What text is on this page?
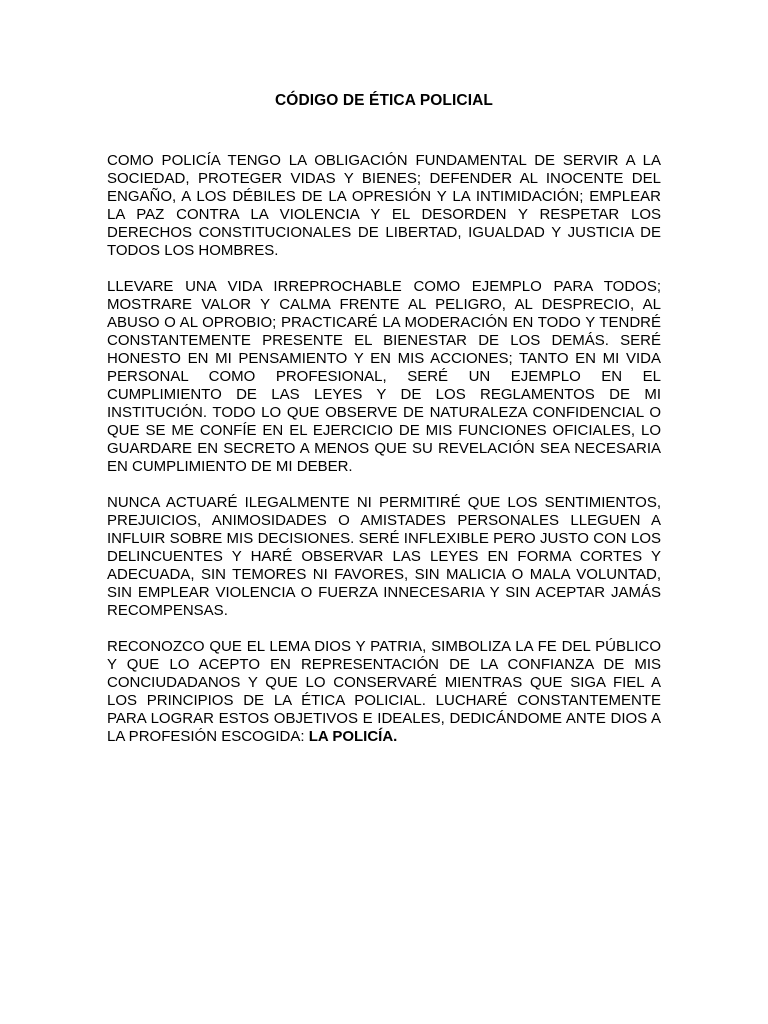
CÓDIGO DE ÉTICA POLICIAL

COMO POLICÍA TENGO LA OBLIGACIÓN FUNDAMENTAL DE SERVIR A LA SOCIEDAD, PROTEGER VIDAS Y BIENES; DEFENDER AL INOCENTE DEL ENGAÑO, A LOS DÉBILES DE LA OPRESIÓN Y LA INTIMIDACIÓN; EMPLEAR LA PAZ CONTRA LA VIOLENCIA Y EL DESORDEN Y RESPETAR LOS DERECHOS CONSTITUCIONALES DE LIBERTAD, IGUALDAD Y JUSTICIA DE TODOS LOS HOMBRES.

LLEVARE UNA VIDA IRREPROCHABLE COMO EJEMPLO PARA TODOS; MOSTRARE VALOR Y CALMA FRENTE AL PELIGRO, AL DESPRECIO, AL ABUSO O AL OPROBIO; PRACTICARÉ LA MODERACIÓN EN TODO Y TENDRÉ CONSTANTEMENTE PRESENTE EL BIENESTAR DE LOS DEMÁS. SERÉ HONESTO EN MI PENSAMIENTO Y EN MIS ACCIONES; TANTO EN MI VIDA PERSONAL COMO PROFESIONAL, SERÉ UN EJEMPLO EN EL CUMPLIMIENTO DE LAS LEYES Y DE LOS REGLAMENTOS DE MI INSTITUCIÓN. TODO LO QUE OBSERVE DE NATURALEZA CONFIDENCIAL O QUE SE ME CONFÍE EN EL EJERCICIO DE MIS FUNCIONES OFICIALES, LO GUARDARE EN SECRETO A MENOS QUE SU REVELACIÓN SEA NECESARIA EN CUMPLIMIENTO DE MI DEBER.

NUNCA ACTUARÉ ILEGALMENTE NI PERMITIRÉ QUE LOS SENTIMIENTOS, PREJUICIOS, ANIMOSIDADES O AMISTADES PERSONALES LLEGUEN A INFLUIR SOBRE MIS DECISIONES. SERÉ INFLEXIBLE PERO JUSTO CON LOS DELINCUENTES Y HARÉ OBSERVAR LAS LEYES EN FORMA CORTES Y ADECUADA, SIN TEMORES NI FAVORES, SIN MALICIA O MALA VOLUNTAD, SIN EMPLEAR VIOLENCIA O FUERZA INNECESARIA Y SIN ACEPTAR JAMÁS RECOMPENSAS.

RECONOZCO QUE EL LEMA DIOS Y PATRIA, SIMBOLIZA LA FE DEL PÚBLICO Y QUE LO ACEPTO EN REPRESENTACIÓN DE LA CONFIANZA DE MIS CONCIUDADANOS Y QUE LO CONSERVARÉ MIENTRAS QUE SIGA FIEL A LOS PRINCIPIOS DE LA ÉTICA POLICIAL. LUCHARÉ CONSTANTEMENTE PARA LOGRAR ESTOS OBJETIVOS E IDEALES, DEDICÁNDOME ANTE DIOS A LA PROFESIÓN ESCOGIDA: LA POLICÍA.
